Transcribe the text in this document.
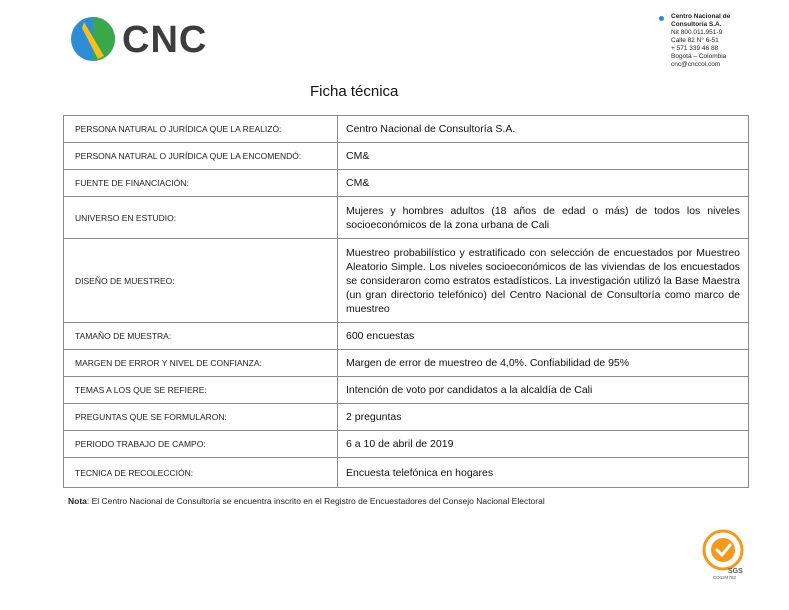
CNC
Centro Nacional de
Consultoría S.A.
Nit 800.011.951-9
Calle 82 N° 6-51
+ 571 339 46 88
Bogotá – Colombia
cnc@cnccol.com
Ficha técnica
PERSONA NATURAL O JURÍDICA QUE LA REALIZÓ:	Centro Nacional de Consultoría S.A.
PERSONA NATURAL O JURÍDICA QUE LA ENCOMENDÓ:	CM&
FUENTE DE FINANCIACIÓN:	CM&
UNIVERSO EN ESTUDIO:	Mujeres y hombres adultos (18 años de edad o más) de todos los niveles socioeconómicos de la zona urbana de Cali
DISEÑO DE MUESTREO:	Muestreo probabilístico y estratificado con selección de encuestados por Muestreo Aleatorio Simple. Los niveles socioeconómicos de las viviendas de los encuestados se consideraron como estratos estadísticos. La investigación utilizó la Base Maestra (un gran directorio telefónico) del Centro Nacional de Consultoría como marco de muestreo
TAMAÑO DE MUESTRA:	600 encuestas
MARGEN DE ERROR Y NIVEL DE CONFIANZA:	Margen de error de muestreo de 4,0%. Confiabilidad de 95%
TEMAS A LOS QUE SE REFIERE:	Intención de voto por candidatos a la alcaldía de Cali
PREGUNTAS QUE SE FORMULARON:	2 preguntas
PERIODO TRABAJO DE CAMPO:	6 a 10 de abril de 2019
TECNICA DE RECOLECCIÓN:	Encuesta telefónica en hogares
Nota: El Centro Nacional de Consultoría se encuentra inscrito en el Registro de Encuestadores del Consejo Nacional Electoral
SGS
CO12/4782
